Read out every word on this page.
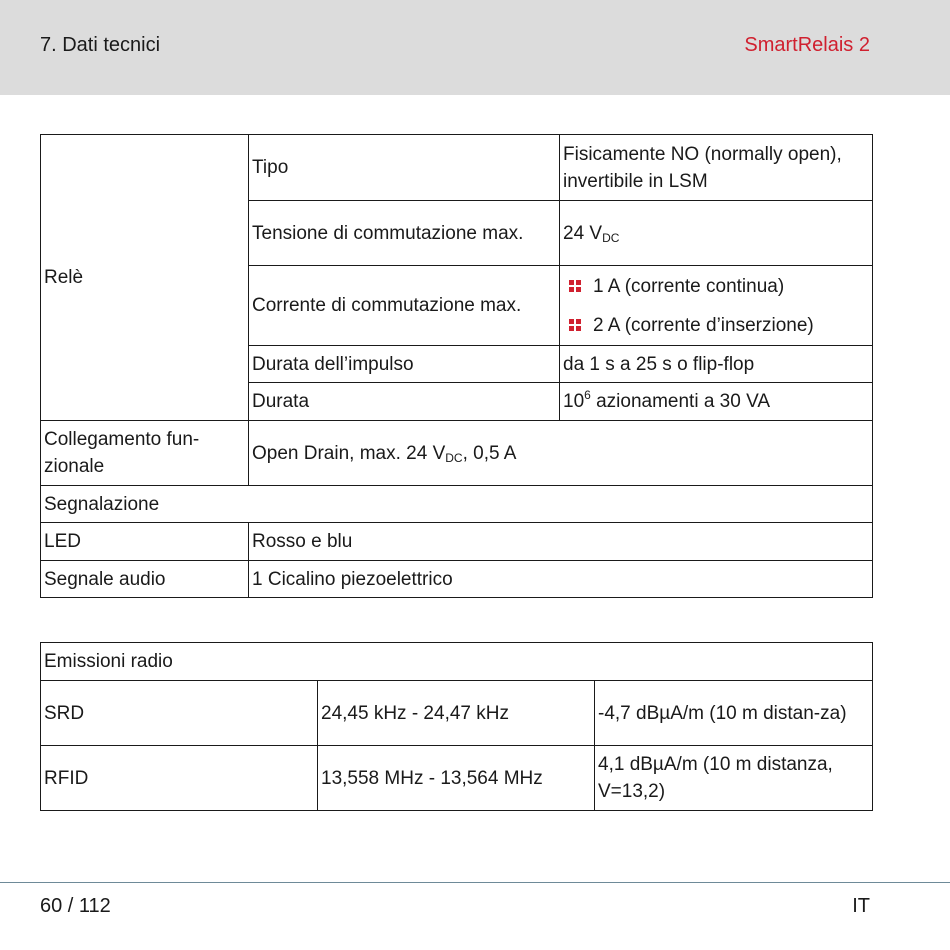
7. Dati tecnici	SmartRelais 2
Relè	Tipo	Fisicamente NO (normally open), invertibile in LSM
	Tensione di commutazione max.	24 $V_{DC}$
	Corrente di commutazione max.	1 A (corrente continua)
2 A (corrente d’inserzione)

	Durata dell’impulso	da 1 s a 25 s o flip-flop
	Durata	$10^6$ azionamenti a 30 VA
Collegamento fun-zionale	Open Drain, max. 24 $V_{DC}$, 0,5 A	
Segnalazione		
LED	Rosso e blu	
Segnale audio	1 Cicalino piezoelettrico	
Emissioni radio		
SRD	24,45 kHz - 24,47 kHz	-4,7 dBµA/m (10 m distan-za)
RFID	13,558 MHz - 13,564 MHz	4,1 dBµA/m (10 m distanza, V=13,2)
60 / 112	IT
